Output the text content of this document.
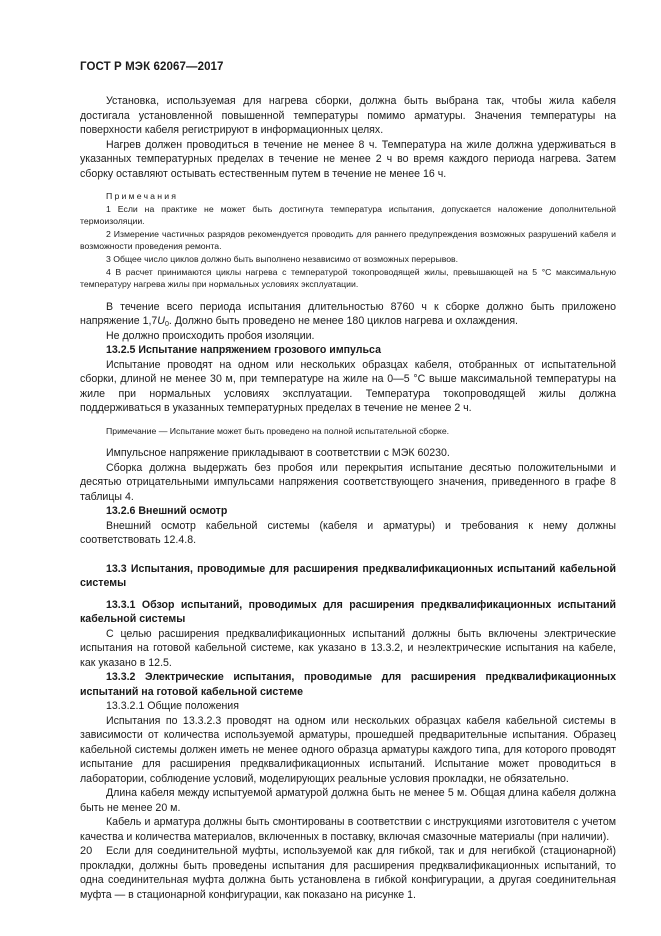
ГОСТ Р МЭК 62067—2017

Установка, используемая для нагрева сборки, должна быть выбрана так, чтобы жила кабеля достигала установленной повышенной температуры помимо арматуры. Значения температуры на поверхности кабеля регистрируют в информационных целях.

Нагрев должен проводиться в течение не менее 8 ч. Температура на жиле должна удерживаться в указанных температурных пределах в течение не менее 2 ч во время каждого периода нагрева. Затем сборку оставляют остывать естественным путем в течение не менее 16 ч.

Примечания

1 Если на практике не может быть достигнута температура испытания, допускается наложение дополнительной термоизоляции.

2 Измерение частичных разрядов рекомендуется проводить для раннего предупреждения возможных разрушений кабеля и возможности проведения ремонта.

3 Общее число циклов должно быть выполнено независимо от возможных перерывов.

4 В расчет принимаются циклы нагрева с температурой токопроводящей жилы, превышающей на 5 °С максимальную температуру нагрева жилы при нормальных условиях эксплуатации.

В течение всего периода испытания длительностью 8760 ч к сборке должно быть приложено напряжение $1,7U_0$. Должно быть проведено не менее 180 циклов нагрева и охлаждения.

Не должно происходить пробоя изоляции.

13.2.5 Испытание напряжением грозового импульса

Испытание проводят на одном или нескольких образцах кабеля, отобранных от испытательной сборки, длиной не менее 30 м, при температуре на жиле на 0—5 °С выше максимальной температуры на жиле при нормальных условиях эксплуатации. Температура токопроводящей жилы должна поддерживаться в указанных температурных пределах в течение не менее 2 ч.

Примечание — Испытание может быть проведено на полной испытательной сборке.

Импульсное напряжение прикладывают в соответствии с МЭК 60230.

Сборка должна выдержать без пробоя или перекрытия испытание десятью положительными и десятью отрицательными импульсами напряжения соответствующего значения, приведенного в графе 8 таблицы 4.

13.2.6 Внешний осмотр

Внешний осмотр кабельной системы (кабеля и арматуры) и требования к нему должны соответствовать 12.4.8.

13.3 Испытания, проводимые для расширения предквалификационных испытаний кабельной системы

13.3.1 Обзор испытаний, проводимых для расширения предквалификационных испытаний кабельной системы

С целью расширения предквалификационных испытаний должны быть включены электрические испытания на готовой кабельной системе, как указано в 13.3.2, и неэлектрические испытания на кабеле, как указано в 12.5.

13.3.2 Электрические испытания, проводимые для расширения предквалификационных испытаний на готовой кабельной системе

13.3.2.1 Общие положения

Испытания по 13.3.2.3 проводят на одном или нескольких образцах кабеля кабельной системы в зависимости от количества используемой арматуры, прошедшей предварительные испытания. Образец кабельной системы должен иметь не менее одного образца арматуры каждого типа, для которого проводят испытание для расширения предквалификационных испытаний. Испытание может проводиться в лаборатории, соблюдение условий, моделирующих реальные условия прокладки, не обязательно.

Длина кабеля между испытуемой арматурой должна быть не менее 5 м. Общая длина кабеля должна быть не менее 20 м.

Кабель и арматура должны быть смонтированы в соответствии с инструкциями изготовителя с учетом качества и количества материалов, включенных в поставку, включая смазочные материалы (при наличии).

Если для соединительной муфты, используемой как для гибкой, так и для негибкой (стационарной) прокладки, должны быть проведены испытания для расширения предквалификационных испытаний, то одна соединительная муфта должна быть установлена в гибкой конфигурации, а другая соединительная муфта — в стационарной конфигурации, как показано на рисунке 1.

20
